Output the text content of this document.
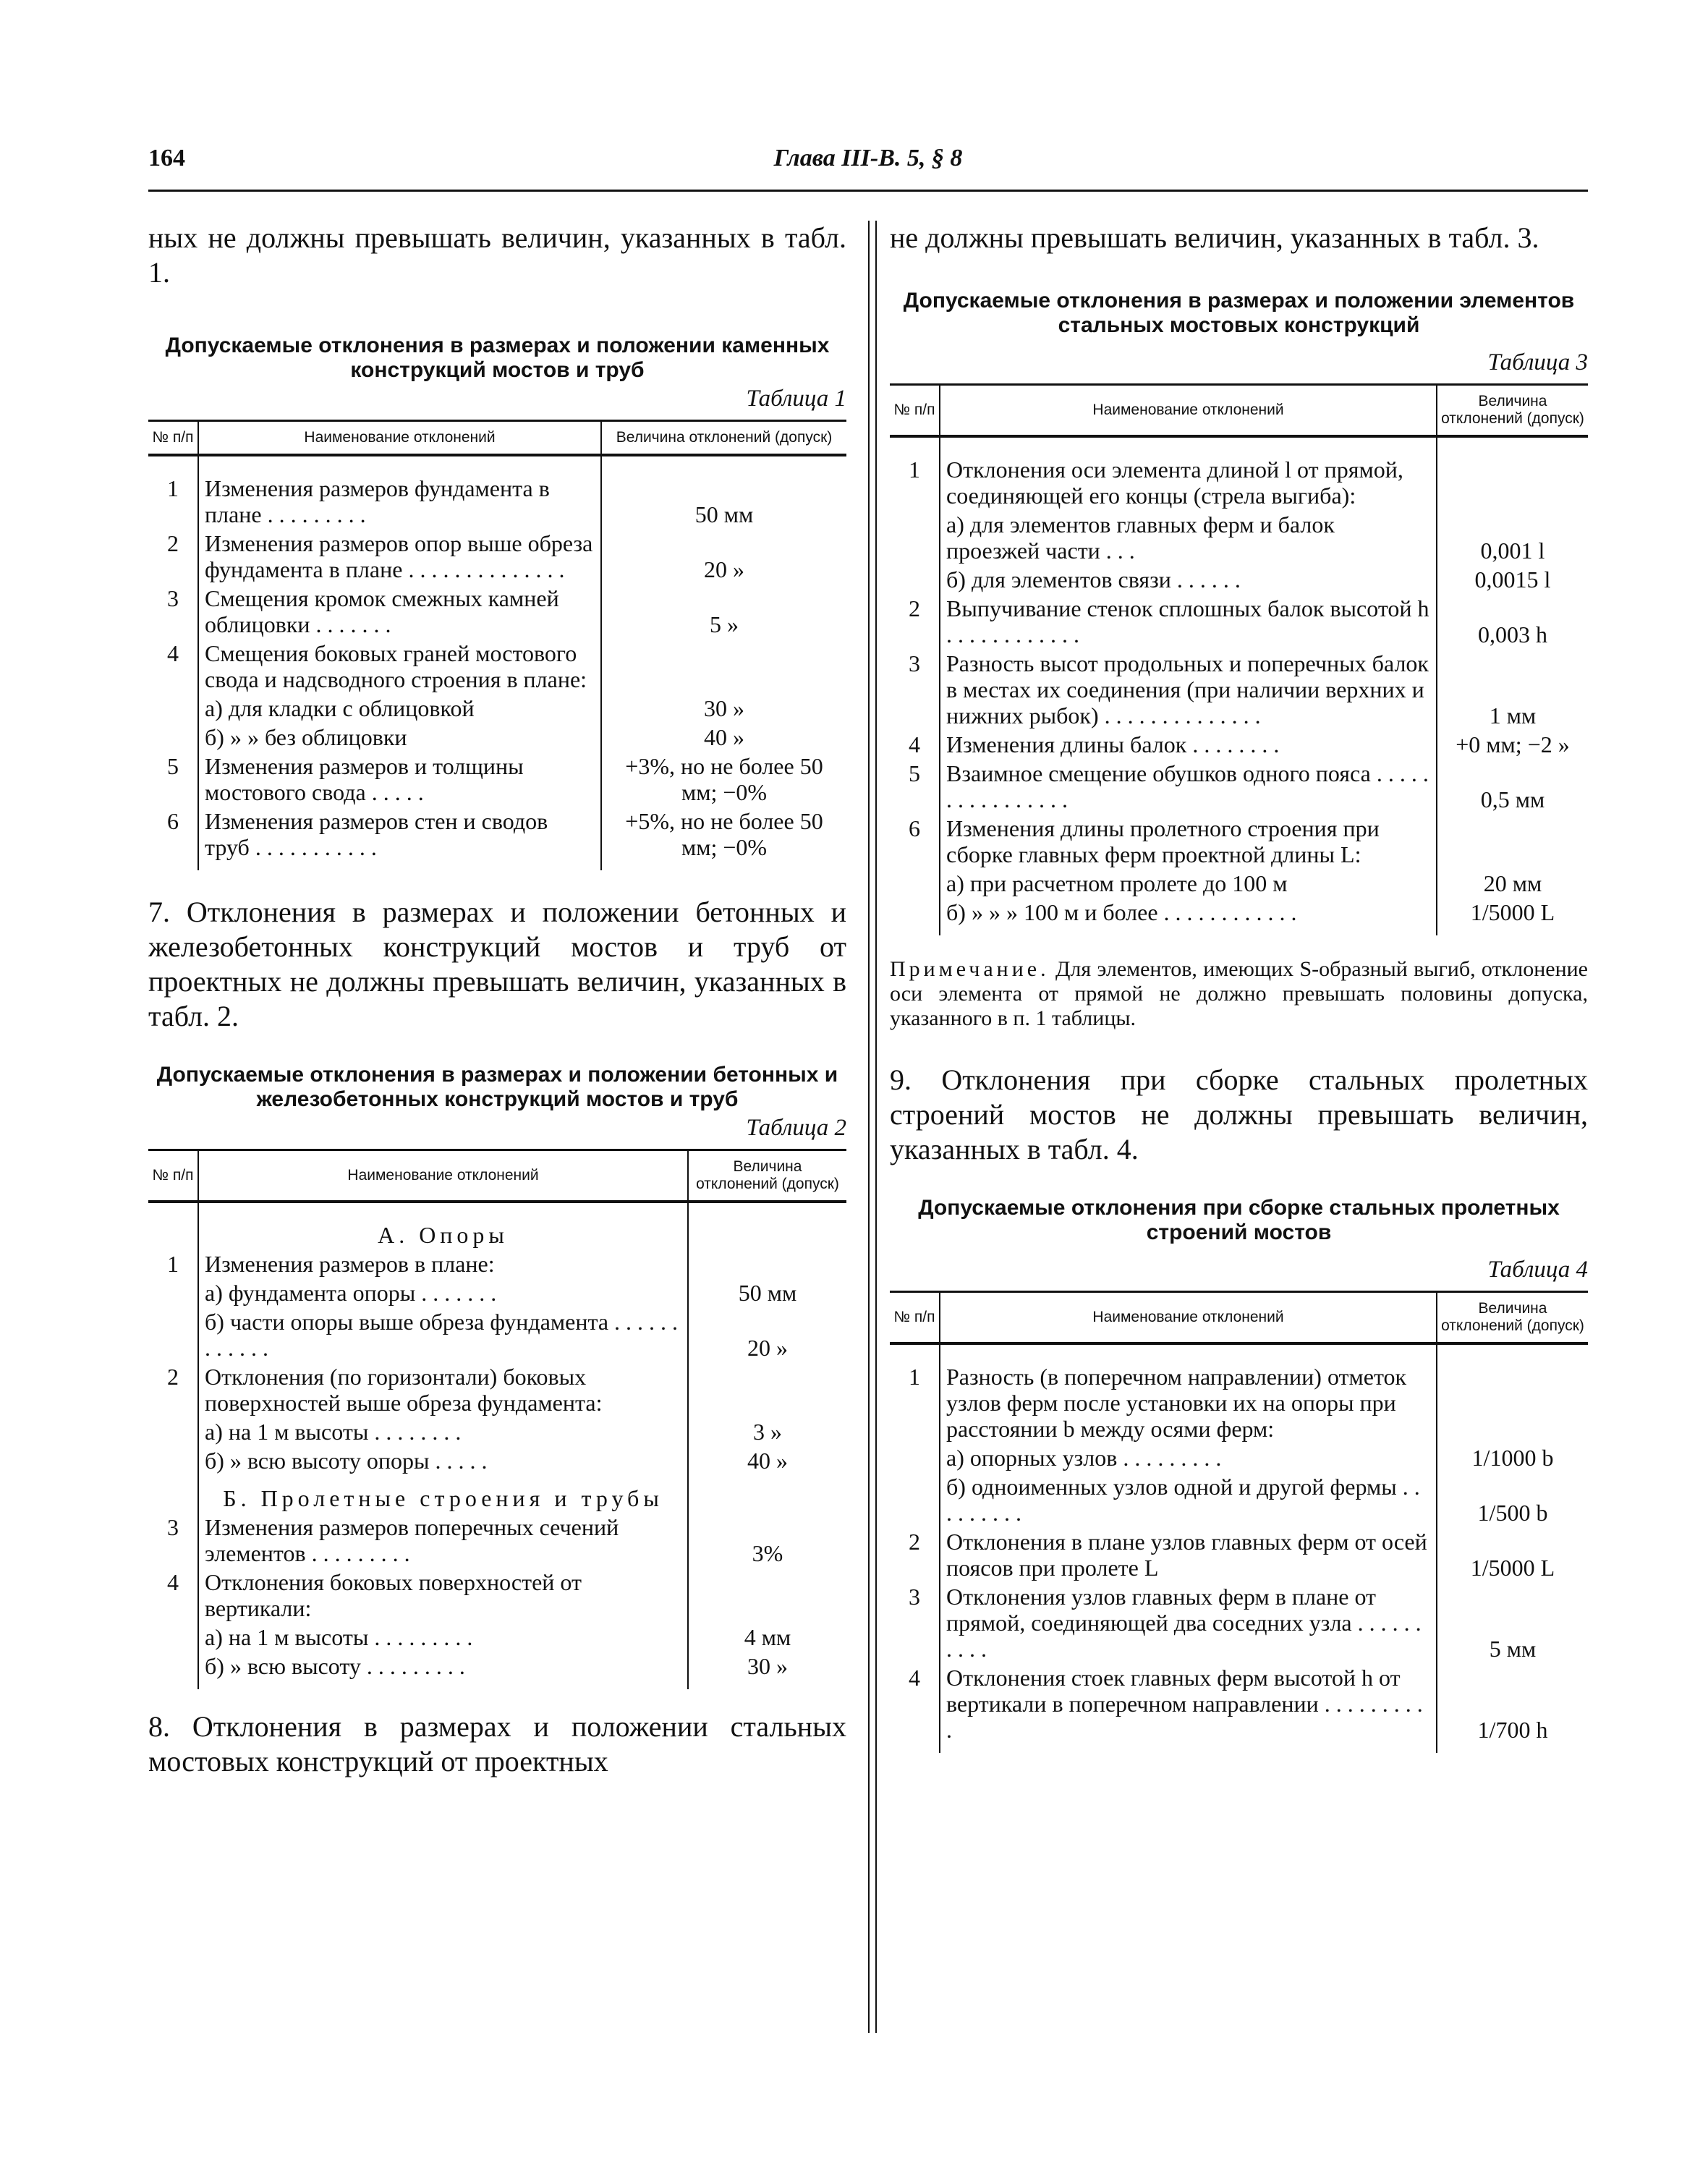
164	Глава III-В. 5, § 8

ных не должны превышать величин, указанных в табл. 1.

Допускаемые отклонения в размерах и положении каменных конструкций мостов и труб

Таблица 1

№ п/п	Наименование отклонений	Величина отклонений (допуск)
1	Изменения размеров фундамента в плане . . . . . . . . .	50 мм
2	Изменения размеров опор выше обреза фундамента в плане . . . . . . . . . . . . . .	20 »
3	Смещения кромок смежных камней облицовки . . . . . . .	5 »
4	Смещения боковых граней мостового свода и надсводного строения в плане:	
	а) для кладки с облицовкой	30 »
	б) » » без облицовки	40 »
5	Изменения размеров и толщины мостового свода . . . . .	+3%, но не более 50 мм; −0%
6	Изменения размеров стен и сводов труб . . . . . . . . . . .	+5%, но не более 50 мм; −0%

7. Отклонения в размерах и положении бетонных и железобетонных конструкций мостов и труб от проектных не должны превышать величин, указанных в табл. 2.

Допускаемые отклонения в размерах и положении бетонных и железобетонных конструкций мостов и труб

Таблица 2

№ п/п	Наименование отклонений	Величина отклонений (допуск)
	А. Опоры	
1	Изменения размеров в плане:	
	а) фундамента опоры . . . . . . .	50 мм
	б) части опоры выше обреза фундамента . . . . . . . . . . . .	20 »
2	Отклонения (по горизонтали) боковых поверхностей выше обреза фундамента:	
	а) на 1 м высоты . . . . . . . .	3 »
	б) » всю высоту опоры . . . . .	40 »
	Б. Пролетные строения и трубы	
3	Изменения размеров поперечных сечений элементов . . . . . . . . .	3%
4	Отклонения боковых поверхностей от вертикали:	
	а) на 1 м высоты . . . . . . . . .	4 мм
	б) » всю высоту . . . . . . . . .	30 »

8. Отклонения в размерах и положении стальных мостовых конструкций от проектных

не должны превышать величин, указанных в табл. 3.

Допускаемые отклонения в размерах и положении элементов стальных мостовых конструкций

Таблица 3

№ п/п	Наименование отклонений	Величина отклонений (допуск)
1	Отклонения оси элемента длиной l от прямой, соединяющей его концы (стрела выгиба):	
	а) для элементов главных ферм и балок проезжей части . . .	0,001 l
	б) для элементов связи . . . . . .	0,0015 l
2	Выпучивание стенок сплошных балок высотой h . . . . . . . . . . . .	0,003 h
3	Разность высот продольных и поперечных балок в местах их соединения (при наличии верхних и нижних рыбок) . . . . . . . . . . . . . .	1 мм
4	Изменения длины балок . . . . . . . .	+0 мм; −2 »
5	Взаимное смещение обушков одного пояса . . . . . . . . . . . . . . . .	0,5 мм
6	Изменения длины пролетного строения при сборке главных ферм проектной длины L:	
	а) при расчетном пролете до 100 м	20 мм
	б) » » » 100 м и более . . . . . . . . . . . .	1/5000 L

Примечание. Для элементов, имеющих S-образный выгиб, отклонение оси элемента от прямой не должно превышать половины допуска, указанного в п. 1 таблицы.

9. Отклонения при сборке стальных пролетных строений мостов не должны превышать величин, указанных в табл. 4.

Допускаемые отклонения при сборке стальных пролетных строений мостов

Таблица 4

№ п/п	Наименование отклонений	Величина отклонений (допуск)
1	Разность (в поперечном направлении) отметок узлов ферм после установки их на опоры при расстоянии b между осями ферм:	
	а) опорных узлов . . . . . . . . .	1/1000 b
	б) одноименных узлов одной и другой фермы . . . . . . . . .	1/500 b
2	Отклонения в плане узлов главных ферм от осей поясов при пролете L	1/5000 L
3	Отклонения узлов главных ферм в плане от прямой, соединяющей два соседних узла . . . . . . . . . .	5 мм
4	Отклонения стоек главных ферм высотой h от вертикали в поперечном направлении . . . . . . . . . .	1/700 h
